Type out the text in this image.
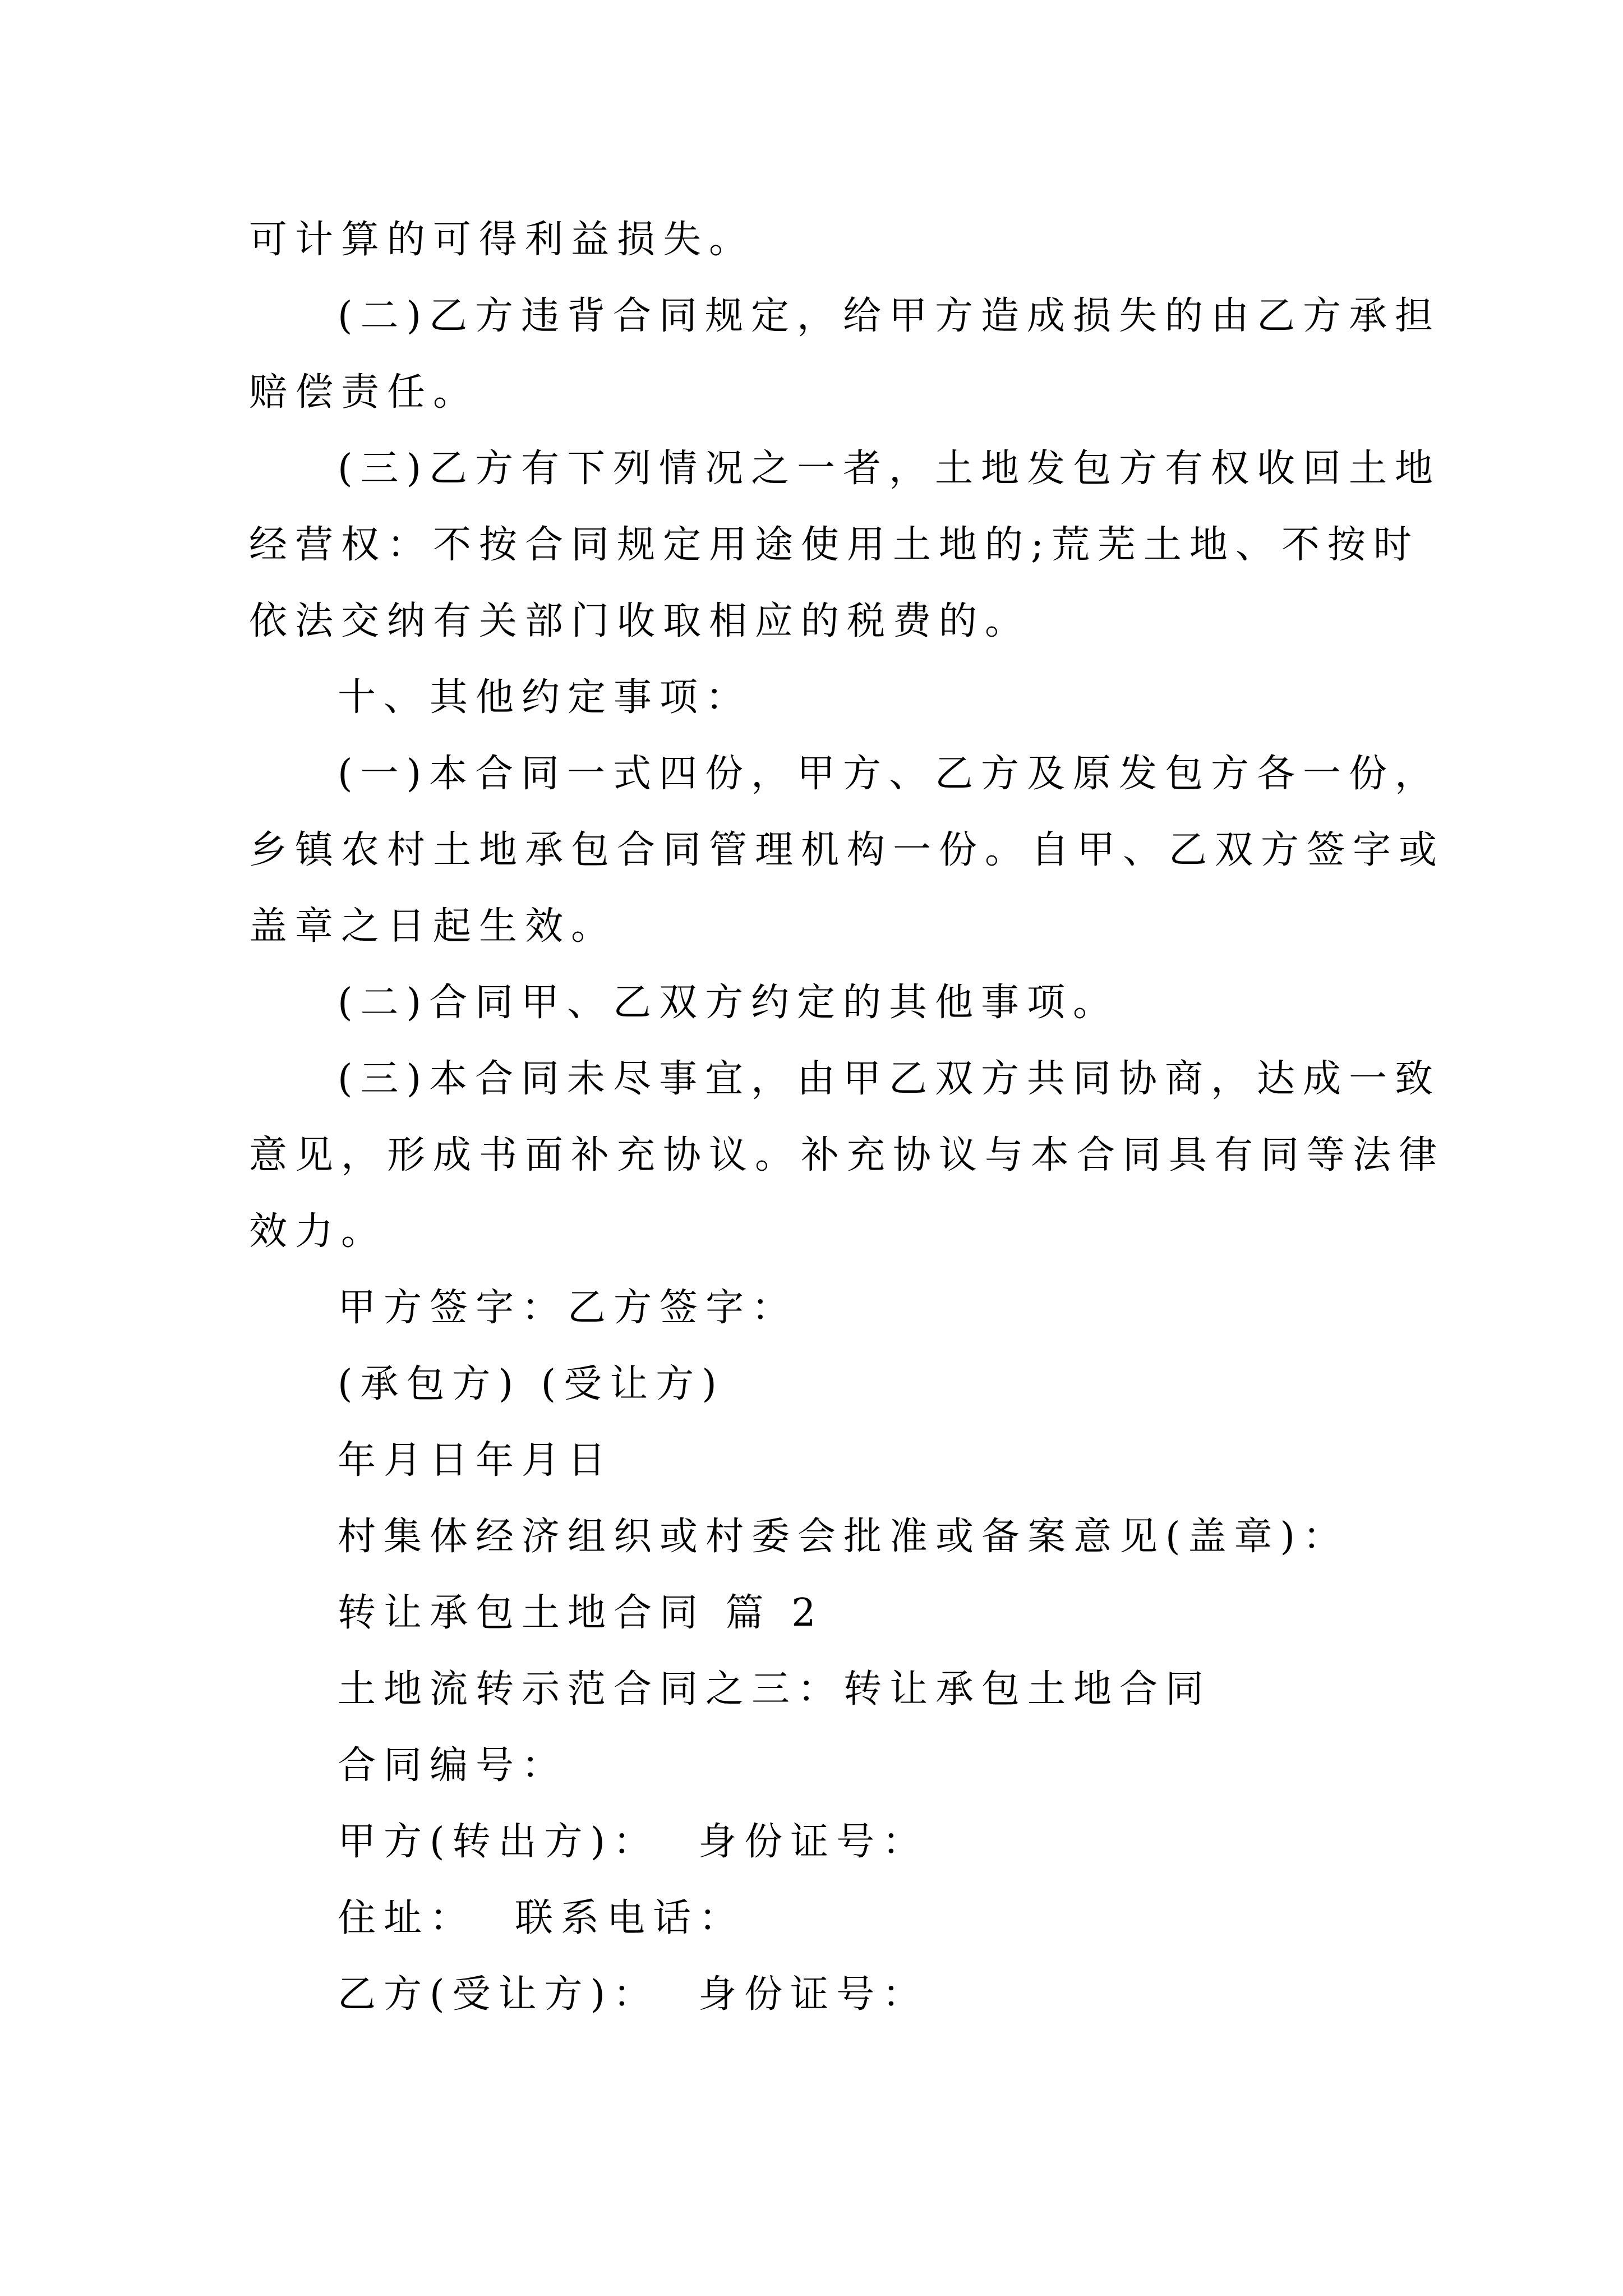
可计算的可得利益损失。
(二)乙方违背合同规定，给甲方造成损失的由乙方承担
赔偿责任。
(三)乙方有下列情况之一者，土地发包方有权收回土地
经营权：不按合同规定用途使用土地的;荒芜土地、不按时
依法交纳有关部门收取相应的税费的。
十、其他约定事项：
(一)本合同一式四份，甲方、乙方及原发包方各一份，
乡镇农村土地承包合同管理机构一份。自甲、乙双方签字或
盖章之日起生效。
(二)合同甲、乙双方约定的其他事项。
(三)本合同未尽事宜，由甲乙双方共同协商，达成一致
意见，形成书面补充协议。补充协议与本合同具有同等法律
效力。
甲方签字：乙方签字：
(承包方) (受让方)
年月日年月日
村集体经济组织或村委会批准或备案意见(盖章)：
转让承包土地合同 篇 2
土地流转示范合同之三：转让承包土地合同
合同编号：
甲方(转出方)： 身份证号：
住址： 联系电话：
乙方(受让方)： 身份证号：
